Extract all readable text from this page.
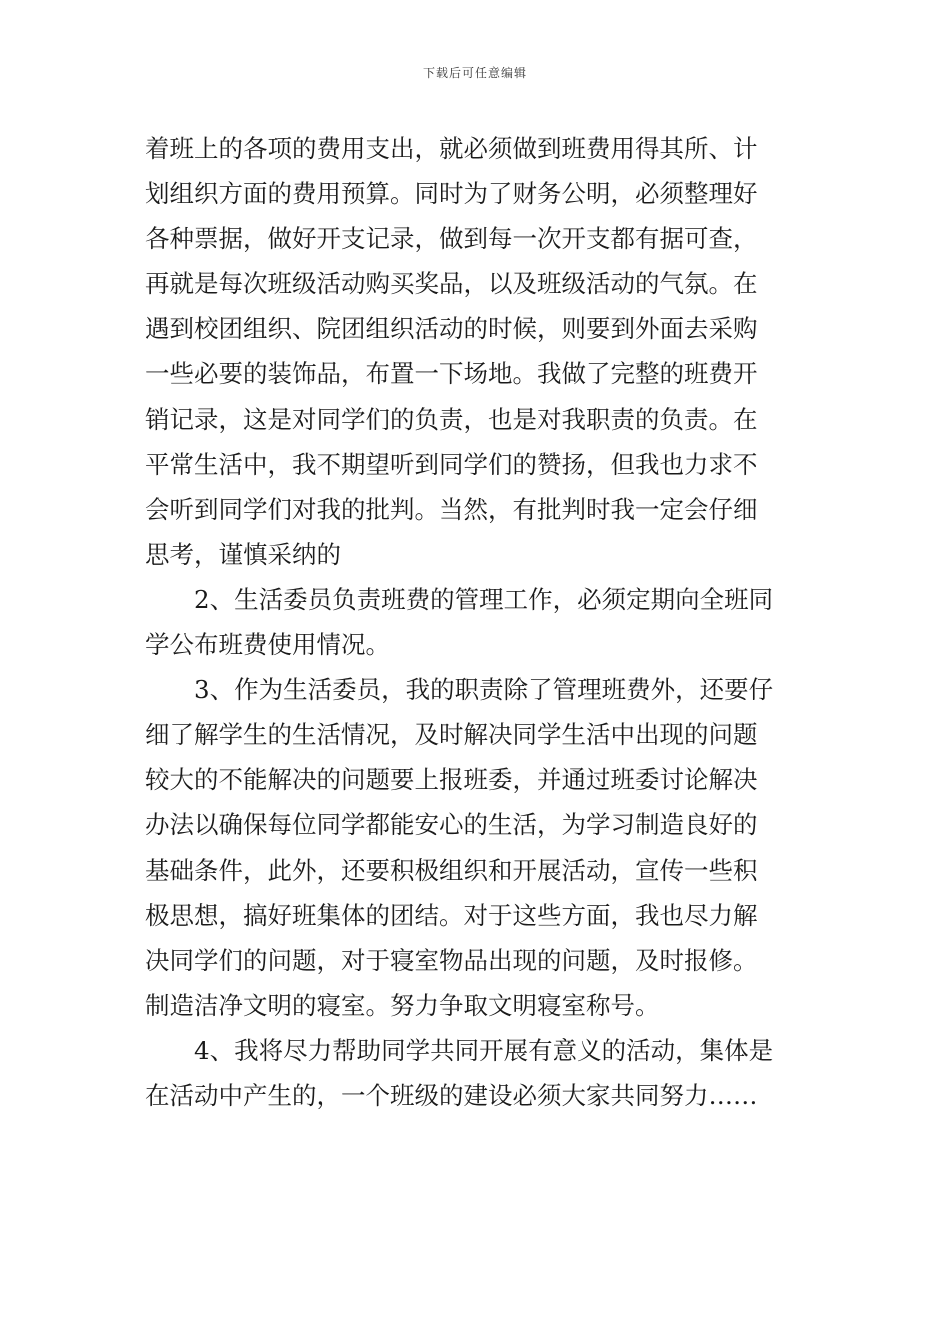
下载后可任意编辑
着班上的各项的费用支出，就必须做到班费用得其所、计
划组织方面的费用预算。同时为了财务公明，必须整理好
各种票据，做好开支记录，做到每一次开支都有据可查，
再就是每次班级活动购买奖品，以及班级活动的气氛。在
遇到校团组织、院团组织活动的时候，则要到外面去采购
一些必要的装饰品，布置一下场地。我做了完整的班费开
销记录，这是对同学们的负责，也是对我职责的负责。在
平常生活中，我不期望听到同学们的赞扬，但我也力求不
会听到同学们对我的批判。当然，有批判时我一定会仔细
思考，谨慎采纳的
2、生活委员负责班费的管理工作，必须定期向全班同
学公布班费使用情况。
3、作为生活委员，我的职责除了管理班费外，还要仔
细了解学生的生活情况，及时解决同学生活中出现的问题
较大的不能解决的问题要上报班委，并通过班委讨论解决
办法以确保每位同学都能安心的生活，为学习制造良好的
基础条件，此外，还要积极组织和开展活动，宣传一些积
极思想，搞好班集体的团结。对于这些方面，我也尽力解
决同学们的问题，对于寝室物品出现的问题，及时报修。
制造洁净文明的寝室。努力争取文明寝室称号。
4、我将尽力帮助同学共同开展有意义的活动，集体是
在活动中产生的，一个班级的建设必须大家共同努力……
